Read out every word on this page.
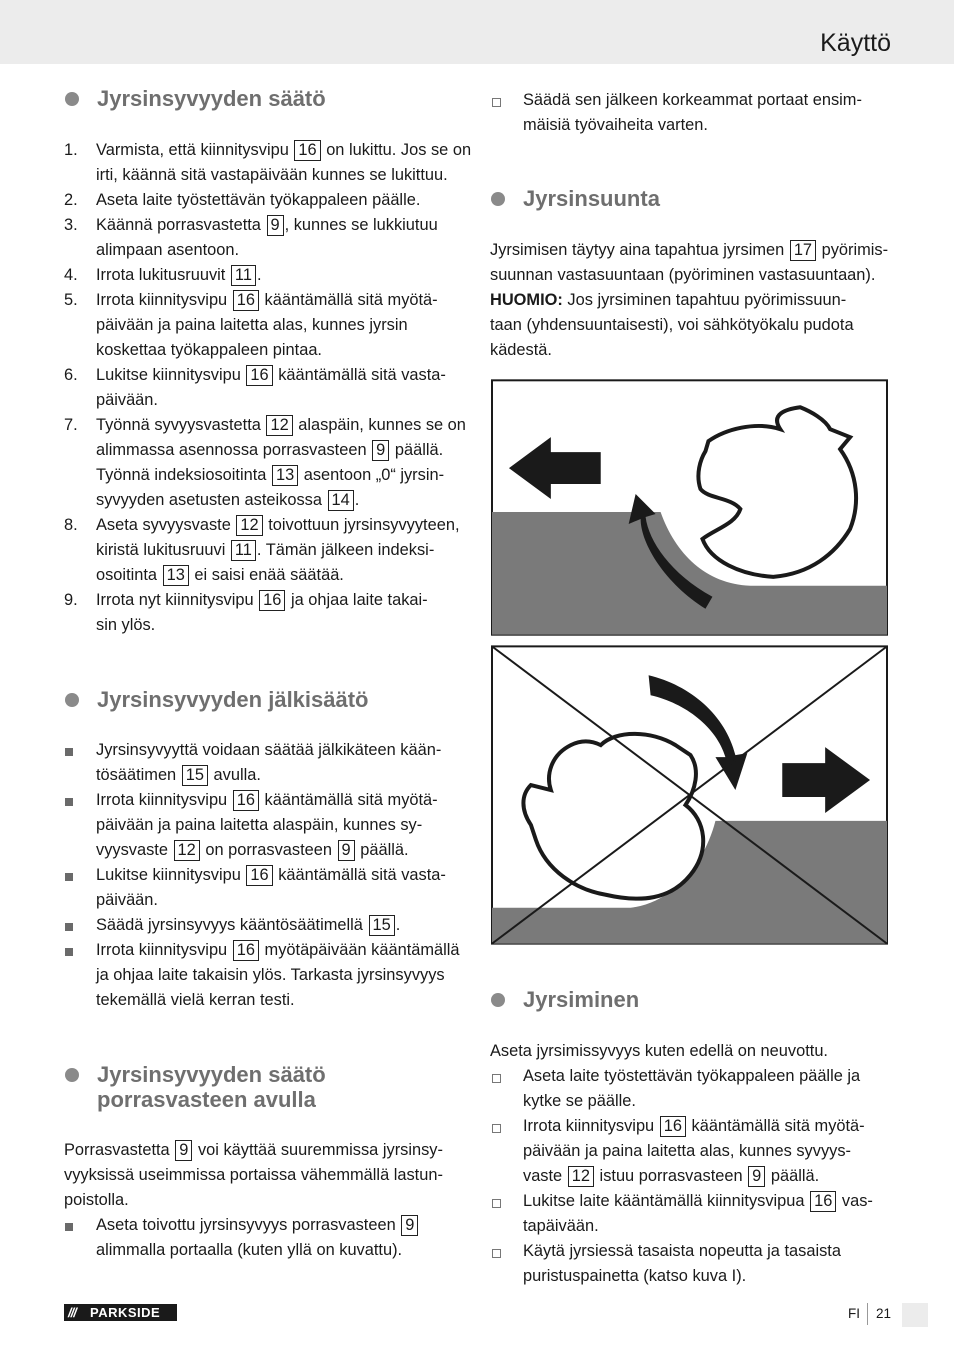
Käyttö
Jyrsinsyvyyden säätö
1. Varmista, että kiinnitysvipu 16 on lukittu. Jos se on
irti, käännä sitä vastapäivään kunnes se lukittuu.
2. Aseta laite työstettävän työkappaleen päälle.
3. Käännä porrasvastetta 9 , kunnes se lukkiutuu
alimpaan asentoon.
4. Irrota lukitusruuvit 11 .
5. Irrota kiinnitysvipu 16 kääntämällä sitä myötä-
päivään ja paina laitetta alas, kunnes jyrsin
koskettaa työkappaleen pintaa.
6. Lukitse kiinnitysvipu 16 kääntämällä sitä vasta-
päivään.
7. Työnnä syvyysvastetta 12 alaspäin, kunnes se on
alimmassa asennossa porrasvasteen 9 päällä.
Työnnä indeksiosoitinta 13 asentoon „0“ jyrsin-
syvyyden asetusten asteikossa 14 .
8. Aseta syvyysvaste 12 toivottuun jyrsinsyvyyteen,
kiristä lukitusruuvi 11 . Tämän jälkeen indeksi-
osoitinta 13 ei saisi enää säätää.
9. Irrota nyt kiinnitysvipu 16 ja ohjaa laite takai-
sin ylös.
Jyrsinsyvyyden jälkisäätö
Jyrsinsyvyyttä voidaan säätää jälkikäteen kään-
tösäätimen 15 avulla.
Irrota kiinnitysvipu 16 kääntämällä sitä myötä-
päivään ja paina laitetta alaspäin, kunnes sy-
vyysvaste 12 on porrasvasteen 9 päällä.
Lukitse kiinnitysvipu 16 kääntämällä sitä vasta-
päivään.
Säädä jyrsinsyvyys kääntösäätimellä 15 .
Irrota kiinnitysvipu 16 myötäpäivään kääntämällä
ja ohjaa laite takaisin ylös. Tarkasta jyrsinsyvyys
tekemällä vielä kerran testi.
Jyrsinsyvyyden säätö
porrasvasteen avulla
Porrasvastetta 9 voi käyttää suuremmissa jyrsinsy-
vyyksissä useimmissa portaissa vähemmällä lastun-
poistolla.
Aseta toivottu jyrsinsyvyys porrasvasteen 9
alimmalla portaalla (kuten yllä on kuvattu).
Säädä sen jälkeen korkeammat portaat ensim-
mäisiä työvaiheita varten.
Jyrsinsuunta
Jyrsimisen täytyy aina tapahtua jyrsimen 17 pyörimis-
suunnan vastasuuntaan (pyöriminen vastasuuntaan).
HUOMIO: Jos jyrsiminen tapahtuu pyörimissuun-
taan (yhdensuuntaisesti), voi sähkötyökalu pudota
kädestä.
Jyrsiminen
Aseta jyrsimissyvyys kuten edellä on neuvottu.
Aseta laite työstettävän työkappaleen päälle ja
kytke se päälle.
Irrota kiinnitysvipu 16 kääntämällä sitä myötä-
päivään ja paina laitetta alas, kunnes syvyys-
vaste 12 istuu porrasvasteen 9 päällä.
Lukitse laite kääntämällä kiinnitysvipua 16 vas-
tapäivään.
Käytä jyrsiessä tasaista nopeutta ja tasaista
puristuspainetta (katso kuva I).
/// PARKSIDE	FI 21
